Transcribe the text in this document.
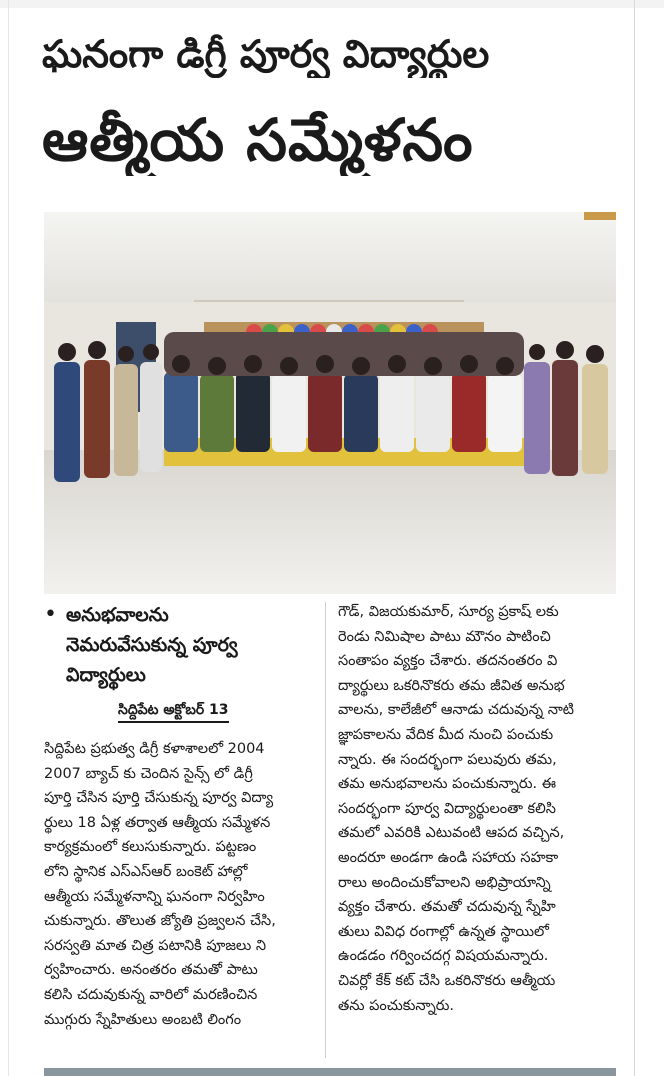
ఘనంగా డిగ్రీ పూర్వ విద్యార్థుల
ఆత్మీయ సమ్మేళనం
• అనుభవాలను
నెమరువేసుకున్న పూర్వ
విద్యార్థులు
సిద్దిపేట అక్టోబర్ 13

సిద్దిపేట ప్రభుత్వ డిగ్రీ కళాశాలలో 2004

2007 బ్యాచ్ కు చెందిన సైన్స్ లో డిగ్రీ

పూర్తి చేసిన పూర్తి చేసుకున్న పూర్వ విద్యా

ర్థులు 18 ఏళ్ల తర్వాత ఆత్మీయ సమ్మేళన

కార్యక్రమంలో కలుసుకున్నారు. పట్టణం

లోని స్థానిక ఎస్ఎస్ఆర్ బంకెట్ హాల్లో

ఆత్మీయ సమ్మేళనాన్ని ఘనంగా నిర్వహిం

చుకున్నారు. తొలుత జ్యోతి ప్రజ్వలన చేసి,

సరస్వతి మాత చిత్ర పటానికి పూజలు ని

ర్వహించారు. అనంతరం తమతో పాటు

కలిసి చదువుకున్న వారిలో మరణించిన

ముగ్గురు స్నేహితులు అంబటి లింగం

గౌడ్, విజయకుమార్, సూర్య ప్రకాష్ లకు

రెండు నిమిషాల పాటు మౌనం పాటించి

సంతాపం వ్యక్తం చేశారు. తదనంతరం వి

ద్యార్థులు ఒకరినొకరు తమ జీవిత అనుభ

వాలను, కాలేజీలో ఆనాడు చదువున్న నాటి

జ్ఞాపకాలను వేదిక మీద నుంచి పంచుకు

న్నారు. ఈ సందర్భంగా పలువురు తమ,

తమ అనుభవాలను పంచుకున్నారు. ఈ

సందర్భంగా పూర్వ విద్యార్థులంతా కలిసి

తమలో ఎవరికి ఎటువంటి ఆపద వచ్చిన,

అందరూ అండగా ఉండి సహాయ సహకా

రాలు అందించుకోవాలని అభిప్రాయాన్ని

వ్యక్తం చేశారు. తమతో చదువున్న స్నేహి

తులు వివిధ రంగాల్లో ఉన్నత స్థాయిలో

ఉండడం గర్వించదగ్గ విషయమన్నారు.

చివర్లో కేక్ కట్ చేసి ఒకరినొకరు ఆత్మీయ

తను పంచుకున్నారు.
